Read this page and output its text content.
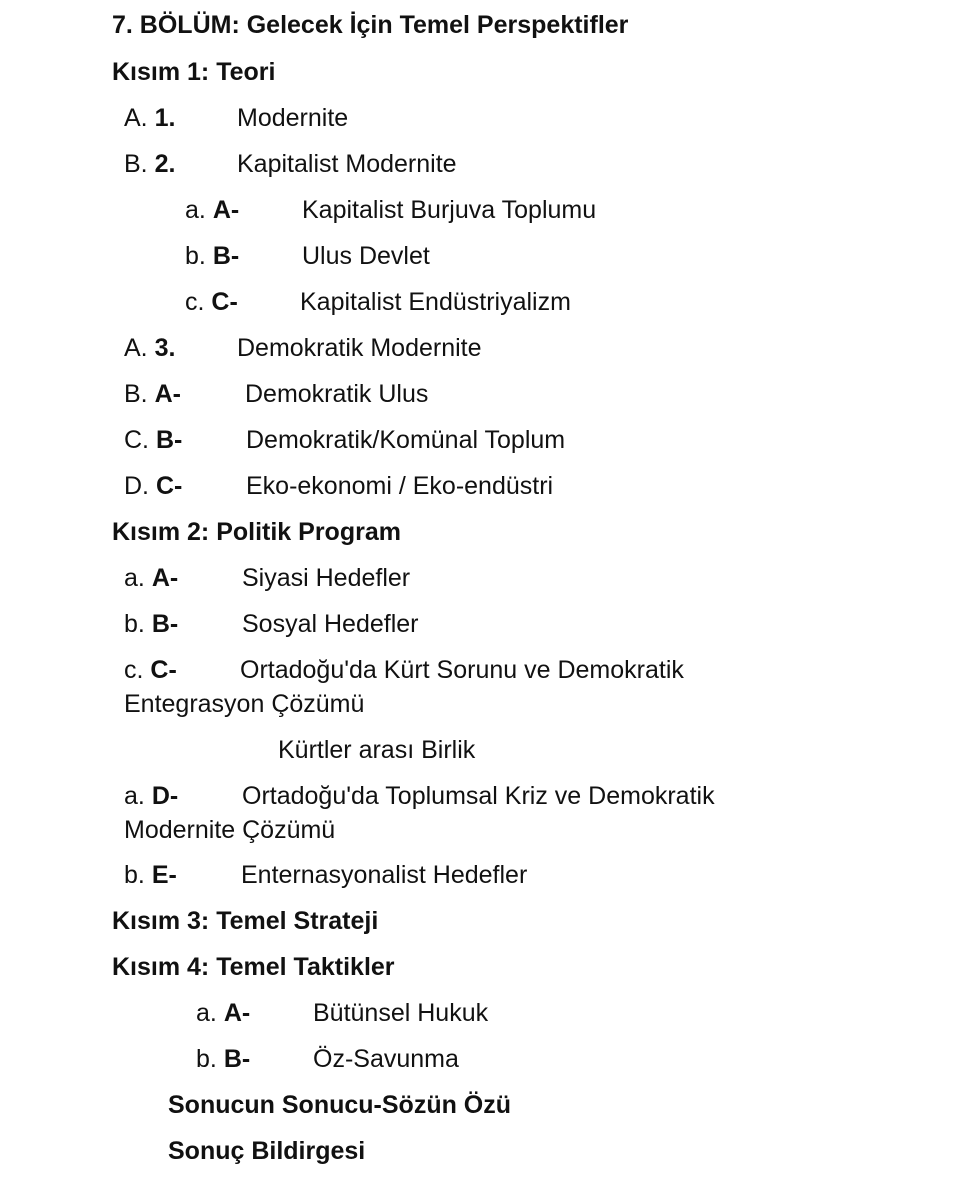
7. BÖLÜM: Gelecek İçin Temel Perspektifler
Kısım 1: Teori
A. 1. Modernite
B. 2. Kapitalist Modernite
a. A-	Kapitalist Burjuva Toplumu
b. B-	Ulus Devlet
c. C- Kapitalist Endüstriyalizm
A. 3. Demokratik Modernite
B. A-	Demokratik Ulus
C. B-	Demokratik/Komünal Toplum
D. C-	Eko-ekonomi / Eko-endüstri
Kısım 2: Politik Program
a. A-	Siyasi Hedefler
b. B-	Sosyal Hedefler
c. C-	Ortadoğu'da Kürt Sorunu ve Demokratik
Entegrasyon Çözümü
Kürtler arası Birlik
a. D-	Ortadoğu'da Toplumsal Kriz ve Demokratik
Modernite Çözümü
b. E-	Enternasyonalist Hedefler
Kısım 3: Temel Strateji
Kısım 4: Temel Taktikler
a. A-	Bütünsel Hukuk
b. B-	Öz-Savunma
Sonucun Sonucu-Sözün Özü
Sonuç Bildirgesi
